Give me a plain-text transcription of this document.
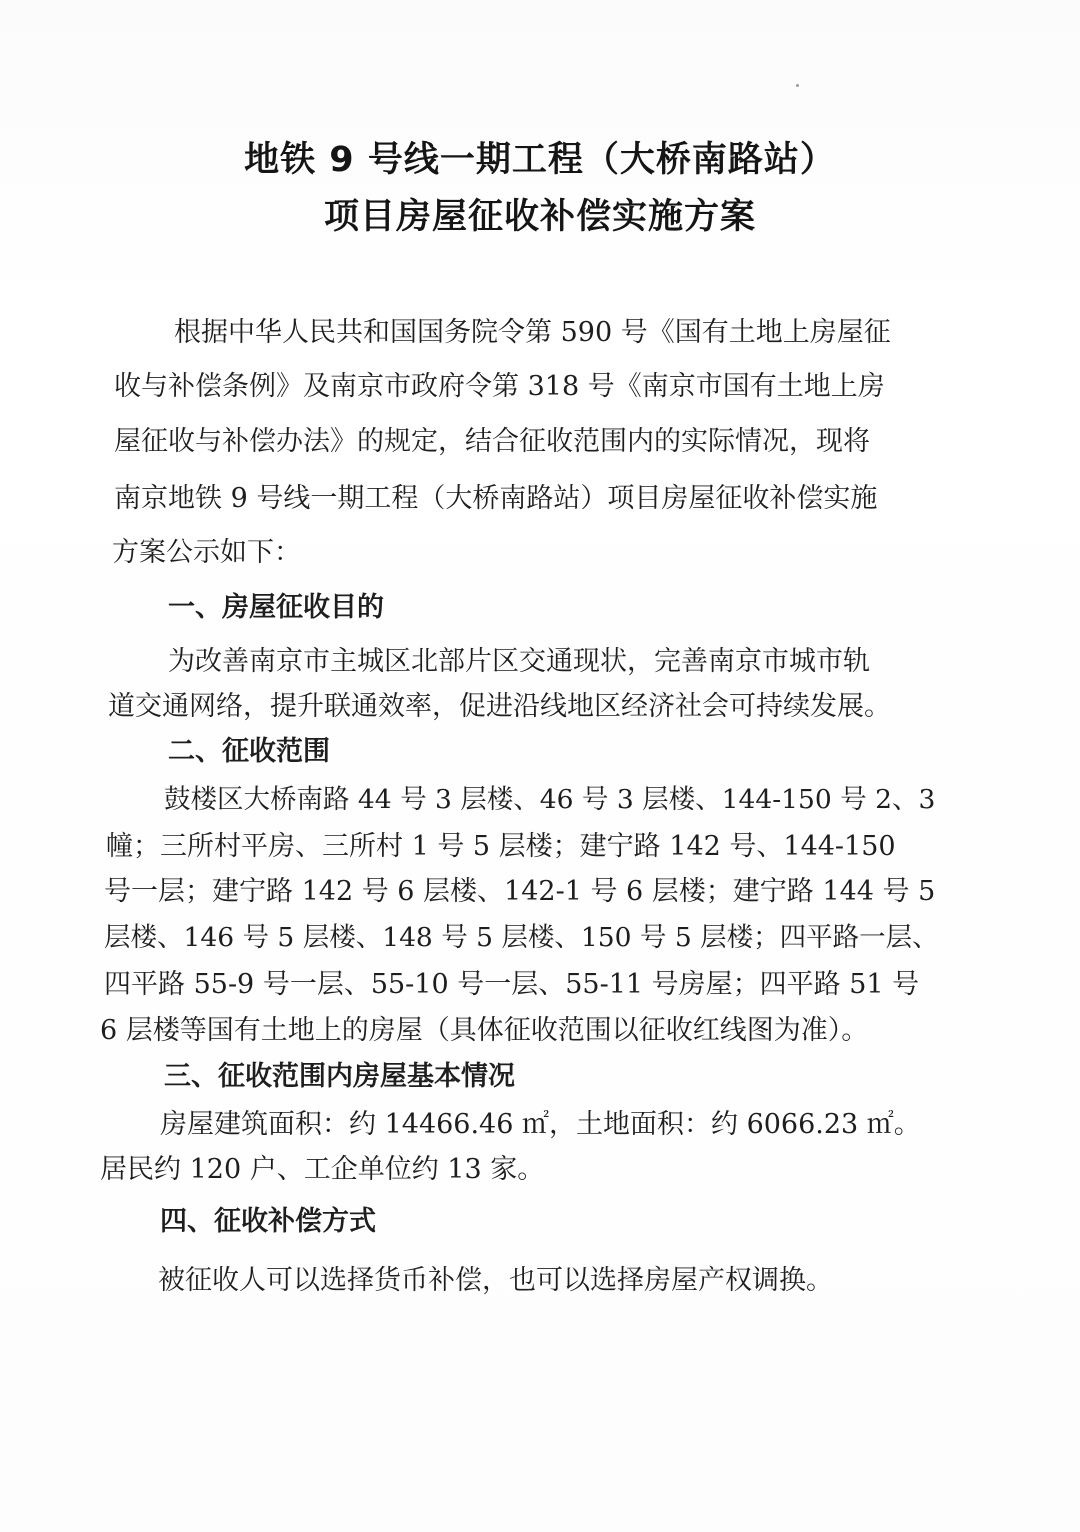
地铁 9 号线一期工程（大桥南路站）
项目房屋征收补偿实施方案
根据中华人民共和国国务院令第 590 号《国有土地上房屋征
收与补偿条例》及南京市政府令第 318 号《南京市国有土地上房
屋征收与补偿办法》的规定，结合征收范围内的实际情况，现将
南京地铁 9 号线一期工程（大桥南路站）项目房屋征收补偿实施
方案公示如下：
一、房屋征收目的
为改善南京市主城区北部片区交通现状，完善南京市城市轨
道交通网络，提升联通效率，促进沿线地区经济社会可持续发展。
二、征收范围
鼓楼区大桥南路 44 号 3 层楼、46 号 3 层楼、144-150 号 2、3
幢；三所村平房、三所村 1 号 5 层楼；建宁路 142 号、144-150
号一层；建宁路 142 号 6 层楼、142-1 号 6 层楼；建宁路 144 号 5
层楼、146 号 5 层楼、148 号 5 层楼、150 号 5 层楼；四平路一层、
四平路 55-9 号一层、55-10 号一层、55-11 号房屋；四平路 51 号
6 层楼等国有土地上的房屋（具体征收范围以征收红线图为准）。
三、征收范围内房屋基本情况
房屋建筑面积：约 14466.46 ㎡，土地面积：约 6066.23 ㎡。
居民约 120 户、工企单位约 13 家。
四、征收补偿方式
被征收人可以选择货币补偿，也可以选择房屋产权调换。
